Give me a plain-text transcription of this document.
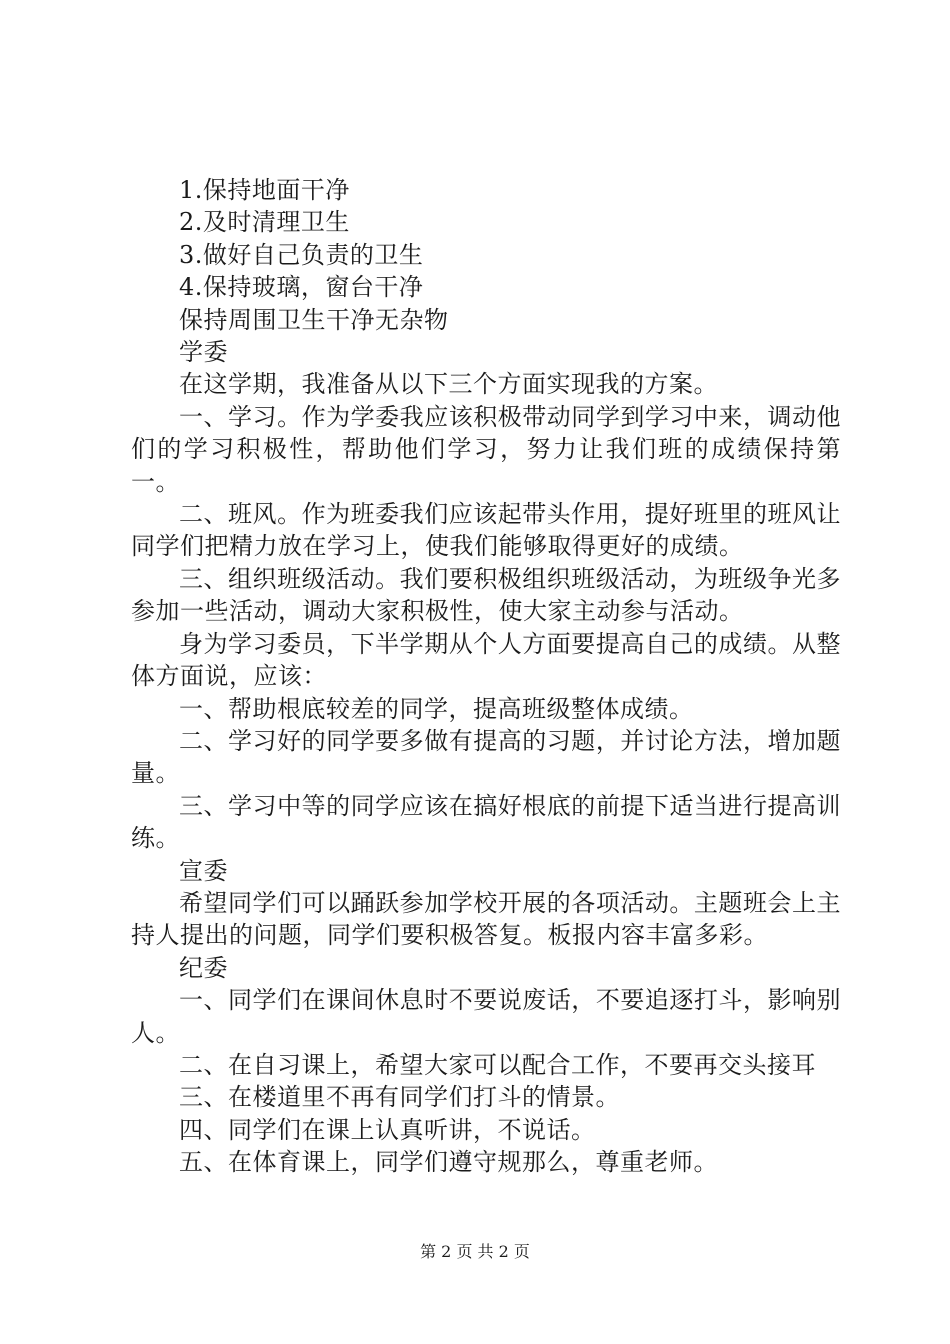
1.保持地面干净
2.及时清理卫生
3.做好自己负责的卫生
4.保持玻璃，窗台干净
保持周围卫生干净无杂物
学委
在这学期，我准备从以下三个方面实现我的方案。
一、学习。作为学委我应该积极带动同学到学习中来，调动他们的学习积极性，帮助他们学习，努力让我们班的成绩保持第一。
二、班风。作为班委我们应该起带头作用，提好班里的班风让同学们把精力放在学习上，使我们能够取得更好的成绩。
三、组织班级活动。我们要积极组织班级活动，为班级争光多参加一些活动，调动大家积极性，使大家主动参与活动。
身为学习委员，下半学期从个人方面要提高自己的成绩。从整体方面说，应该：
一、帮助根底较差的同学，提高班级整体成绩。
二、学习好的同学要多做有提高的习题，并讨论方法，增加题量。
三、学习中等的同学应该在搞好根底的前提下适当进行提高训练。
宣委
希望同学们可以踊跃参加学校开展的各项活动。主题班会上主持人提出的问题，同学们要积极答复。板报内容丰富多彩。
纪委
一、同学们在课间休息时不要说废话，不要追逐打斗，影响别人。
二、在自习课上，希望大家可以配合工作，不要再交头接耳
三、在楼道里不再有同学们打斗的情景。
四、同学们在课上认真听讲，不说话。
五、在体育课上，同学们遵守规那么，尊重老师。
第 2 页 共 2 页
